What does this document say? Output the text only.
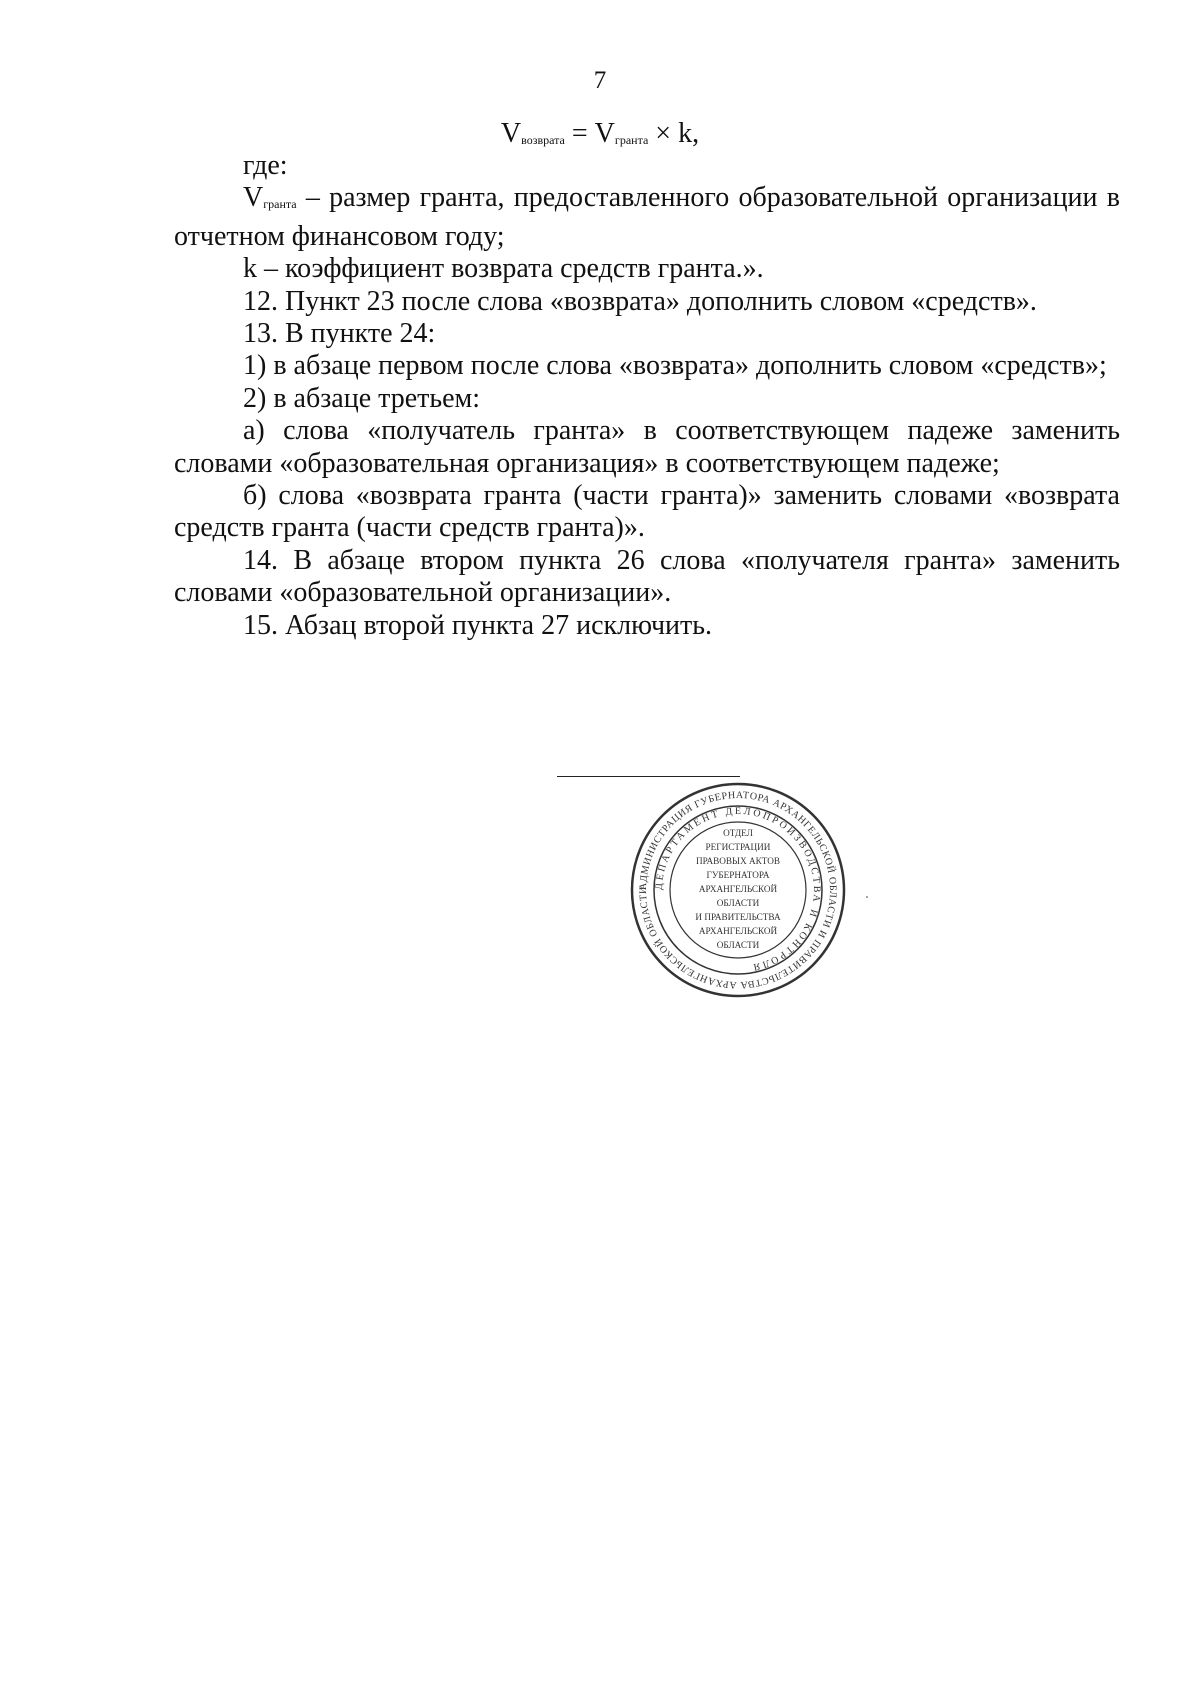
7
$V_{возврата} = V_{гранта} \times k$,

где:

Vгранта – размер гранта, предоставленного образовательной организации в отчетном финансовом году;

k – коэффициент возврата средств гранта.».

12. Пункт 23 после слова «возврата» дополнить словом «средств».

13. В пункте 24:

1) в абзаце первом после слова «возврата» дополнить словом «средств»;

2) в абзаце третьем:

а) слова «получатель гранта» в соответствующем падеже заменить словами «образовательная организация» в соответствующем падеже;

б) слова «возврата гранта (части гранта)» заменить словами «возврата средств гранта (части средств гранта)».

14. В абзаце втором пункта 26 слова «получателя гранта» заменить словами «образовательной организации».

15. Абзац второй пункта 27 исключить.

АДМИНИСТРАЦИЯ ГУБЕРНАТОРА АРХАНГЕЛЬСКОЙ ОБЛАСТИ И ПРАВИТЕЛЬСТВА АРХАНГЕЛЬСКОЙ ОБЛАСТИ ДЕПАРТАМЕНТ ДЕЛОПРОИЗВОДСТВА И КОНТРОЛЯ
ОТДЕЛ
РЕГИСТРАЦИИ
ПРАВОВЫХ АКТОВ
ГУБЕРНАТОРА
АРХАНГЕЛЬСКОЙ
ОБЛАСТИ
И ПРАВИТЕЛЬСТВА
АРХАНГЕЛЬСКОЙ
ОБЛАСТИ
